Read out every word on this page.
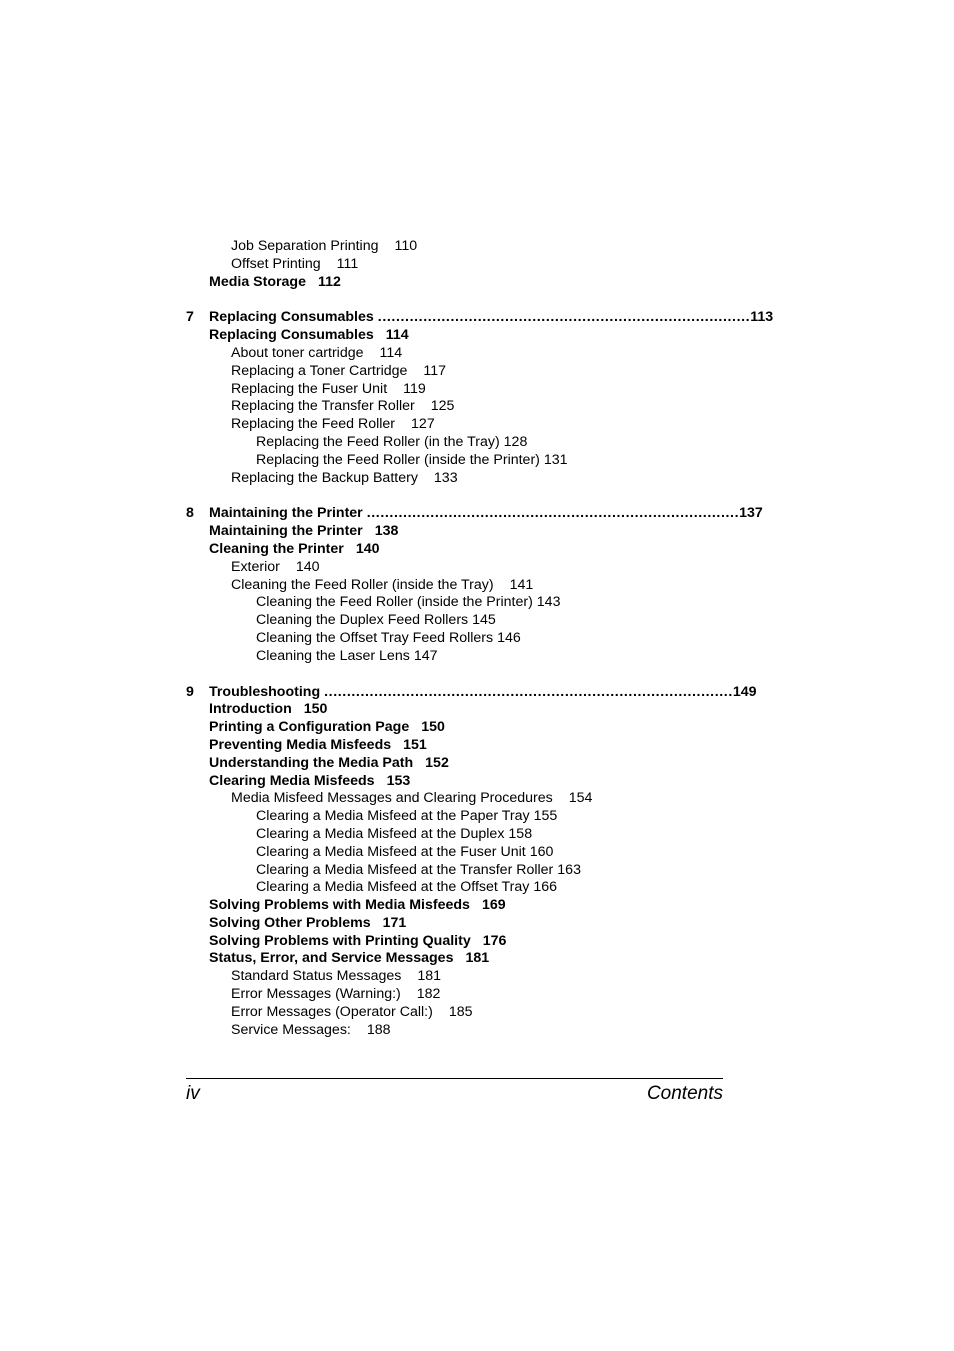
Job Separation Printing 110
Offset Printing 111
Media Storage 112
7	Replacing Consumables .................................................................................. 113
Replacing Consumables 114
About toner cartridge 114
Replacing a Toner Cartridge 117
Replacing the Fuser Unit 119
Replacing the Transfer Roller 125
Replacing the Feed Roller 127
Replacing the Feed Roller (in the Tray) 128
Replacing the Feed Roller (inside the Printer) 131
Replacing the Backup Battery 133
8	Maintaining the Printer .................................................................................. 137
Maintaining the Printer 138
Cleaning the Printer 140
Exterior 140
Cleaning the Feed Roller (inside the Tray) 141
Cleaning the Feed Roller (inside the Printer) 143
Cleaning the Duplex Feed Rollers 145
Cleaning the Offset Tray Feed Rollers 146
Cleaning the Laser Lens 147
9	Troubleshooting .......................................................................................... 149
Introduction 150
Printing a Configuration Page 150
Preventing Media Misfeeds 151
Understanding the Media Path 152
Clearing Media Misfeeds 153
Media Misfeed Messages and Clearing Procedures 154
Clearing a Media Misfeed at the Paper Tray 155
Clearing a Media Misfeed at the Duplex 158
Clearing a Media Misfeed at the Fuser Unit 160
Clearing a Media Misfeed at the Transfer Roller 163
Clearing a Media Misfeed at the Offset Tray 166
Solving Problems with Media Misfeeds 169
Solving Other Problems 171
Solving Problems with Printing Quality 176
Status, Error, and Service Messages 181
Standard Status Messages 181
Error Messages (Warning:) 182
Error Messages (Operator Call:) 185
Service Messages: 188
iv	Contents
